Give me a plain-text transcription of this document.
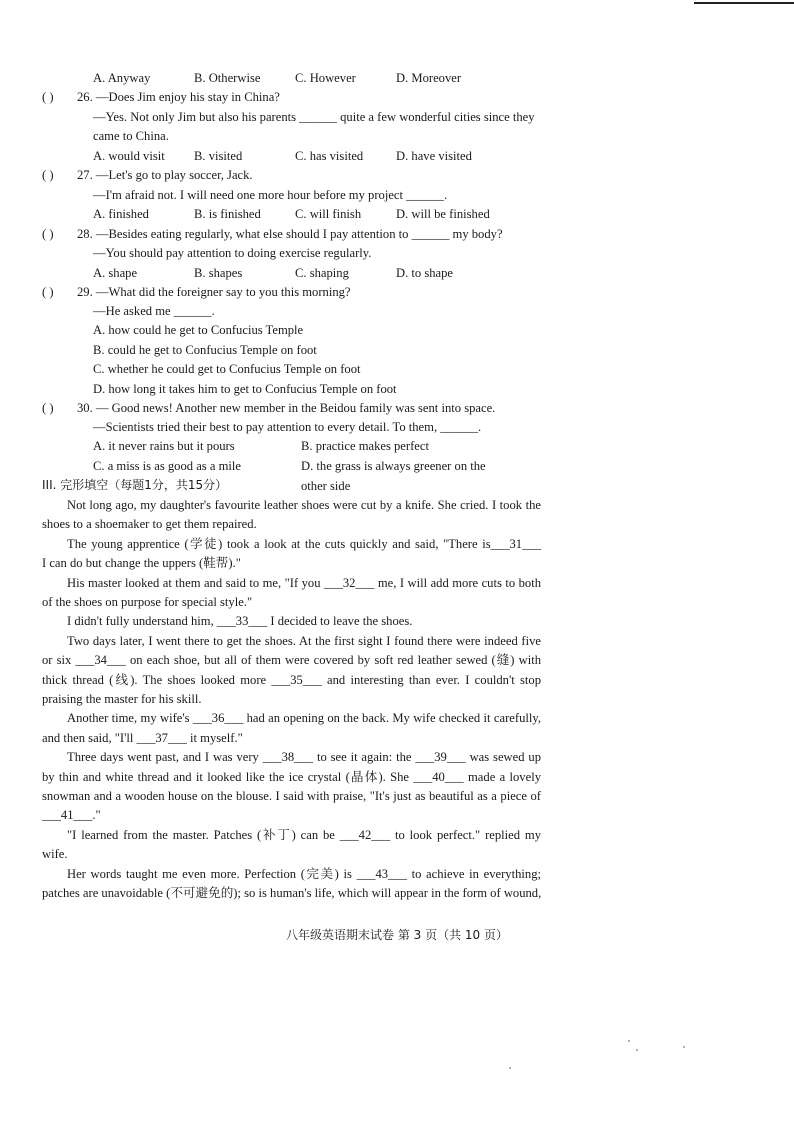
A. Anyway	B. Otherwise	C. However	D. Moreover
( ) 26. —Does Jim enjoy his stay in China?
—Yes. Not only Jim but also his parents ______ quite a few wonderful cities since they
came to China.
A. would visit	B. visited	C. has visited	D. have visited
( ) 27. —Let's go to play soccer, Jack.
—I'm afraid not. I will need one more hour before my project ______.
A. finished	B. is finished	C. will finish	D. will be finished
( ) 28. —Besides eating regularly, what else should I pay attention to ______ my body?
—You should pay attention to doing exercise regularly.
A. shape	B. shapes	C. shaping	D. to shape
( ) 29. —What did the foreigner say to you this morning?
—He asked me ______.
A. how could he get to Confucius Temple
B. could he get to Confucius Temple on foot
C. whether he could get to Confucius Temple on foot
D. how long it takes him to get to Confucius Temple on foot
( ) 30. — Good news! Another new member in the Beidou family was sent into space.
—Scientists tried their best to pay attention to every detail. To them, ______.
A. it never rains but it pours	B. practice makes perfect
C. a miss is as good as a mile	D. the grass is always greener on the other side
III. 完形填空（每题1分，共15分）
Not long ago, my daughter's favourite leather shoes were cut by a knife. She cried. I took the
shoes to a shoemaker to get them repaired.
The young apprentice (学徒) took a look at the cuts quickly and said, "There is___31___
I can do but change the uppers (鞋帮)."
His master looked at them and said to me, "If you ___32___ me, I will add more cuts to both
of the shoes on purpose for special style."
I didn't fully understand him, ___33___ I decided to leave the shoes.
Two days later, I went there to get the shoes. At the first sight I found there were indeed five
or six ___34___ on each shoe, but all of them were covered by soft red leather sewed (缝) with
thick thread (线). The shoes looked more ___35___ and interesting than ever. I couldn't stop
praising the master for his skill.
Another time, my wife's ___36___ had an opening on the back. My wife checked it carefully,
and then said, "I'll ___37___ it myself."
Three days went past, and I was very ___38___ to see it again: the ___39___ was sewed up
by thin and white thread and it looked like the ice crystal (晶体). She ___40___ made a lovely
snowman and a wooden house on the blouse. I said with praise, "It's just as beautiful as a piece of
___41___."
"I learned from the master. Patches (补丁) can be ___42___ to look perfect." replied my
wife.
Her words taught me even more. Perfection (完美) is ___43___ to achieve in everything;
patches are unavoidable (不可避免的); so is human's life, which will appear in the form of wound,
八年级英语期末试卷 第 3 页（共 10 页）
